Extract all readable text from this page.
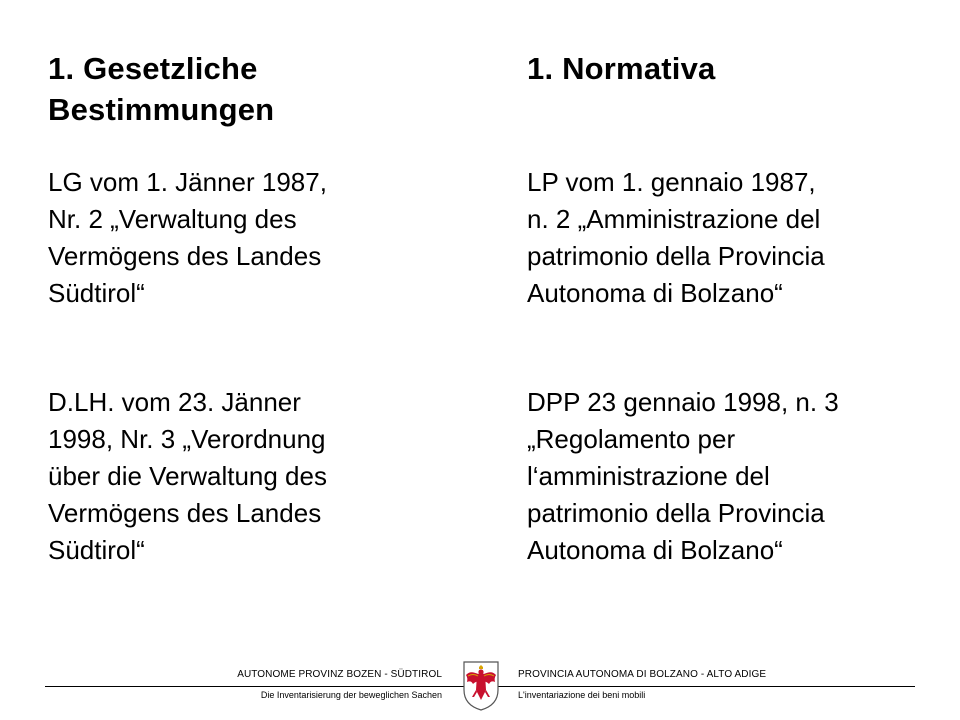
1. Gesetzliche Bestimmungen

LG vom 1. Jänner 1987,
Nr. 2 „Verwaltung des
Vermögens des Landes
Südtirol“

D.LH. vom 23. Jänner
1998, Nr. 3 „Verordnung
über die Verwaltung des
Vermögens des Landes
Südtirol“

1. Normativa

LP vom 1. gennaio 1987,
n. 2 „Amministrazione del
patrimonio della Provincia
Autonoma di Bolzano“

DPP 23 gennaio 1998, n. 3
„Regolamento per
l‘amministrazione del
patrimonio della Provincia
Autonoma di Bolzano“

AUTONOME PROVINZ BOZEN - SÜDTIROL	PROVINCIA AUTONOMA DI BOLZANO - ALTO ADIGE
Die Inventarisierung der beweglichen Sachen	L'inventariazione dei beni mobili
